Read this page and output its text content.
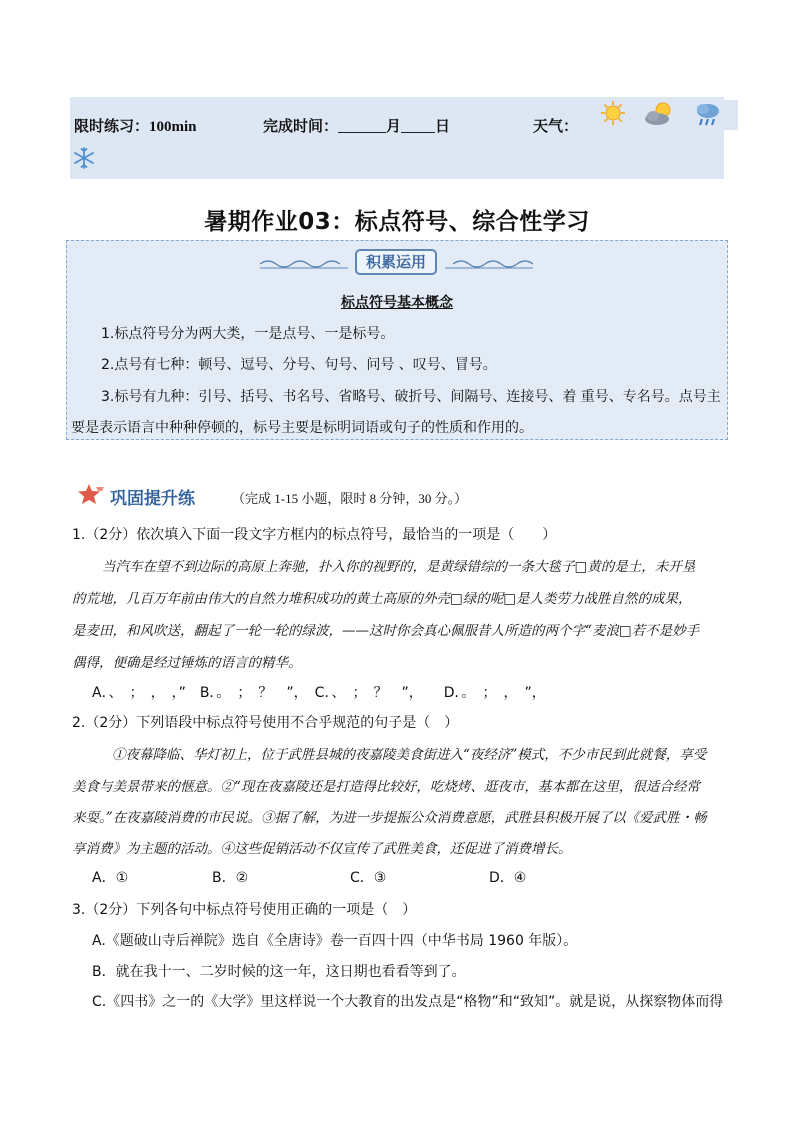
限时练习：100min	完成时间：	月 日	天气：
暑期作业03：标点符号、综合性学习
积累运用
标点符号基本概念
1.标点符号分为两大类，一是点号、一是标号。
2.点号有七种：顿号、逗号、分号、句号、问号 、叹号、冒号。
3.标号有九种：引号、括号、书名号、省略号、破折号、间隔号、连接号、着 重号、专名号。点号主
要是表示语言中种种停顿的，标号主要是标明词语或句子的性质和作用的。
巩固提升练	（完成 1-15 小题，限时 8 分钟，30 分。）
1.（2分）依次填入下面一段文字方框内的标点符号，最恰当的一项是（　　）
当汽车在望不到边际的高原上奔驰，扑入你的视野的，是黄绿错综的一条大毯子□黄的是土，未开垦
的荒地，几百万年前由伟大的自然力堆积成功的黄土高原的外壳□绿的呢□是人类劳力战胜自然的成果，
是麦田，和风吹送，翻起了一轮一轮的绿波，——这时你会真心佩服昔人所造的两个字“麦浪□若不是妙手
偶得，便确是经过锤炼的语言的精华。
A．、　；　，　，”　B．。　；　？　”，　C．、　；　？　”，　　D．。　；　，　”，
2.（2分）下列语段中标点符号使用不合乎规范的句子是（　）
①夜幕降临、华灯初上，位于武胜县城的夜嘉陵美食街进入“夜经济”模式，不少市民到此就餐，享受
美食与美景带来的惬意。②“现在夜嘉陵还是打造得比较好，吃烧烤、逛夜市，基本都在这里，很适合经常
来耍。”在夜嘉陵消费的市民说。③据了解，为进一步提振公众消费意愿，武胜县积极开展了以《爱武胜・畅
享消费》为主题的活动。④这些促销活动不仅宣传了武胜美食，还促进了消费增长。
A．①	B．②	C．③	D．④
3.（2分）下列各句中标点符号使用正确的一项是（　）
A.《题破山寺后禅院》选自《全唐诗》卷一百四十四（中华书局 1960 年版）。
B．就在我十一、二岁时候的这一年，这日期也看看等到了。
C.《四书》之一的《大学》里这样说一个大教育的出发点是“格物”和“致知”。就是说，从探察物体而得
